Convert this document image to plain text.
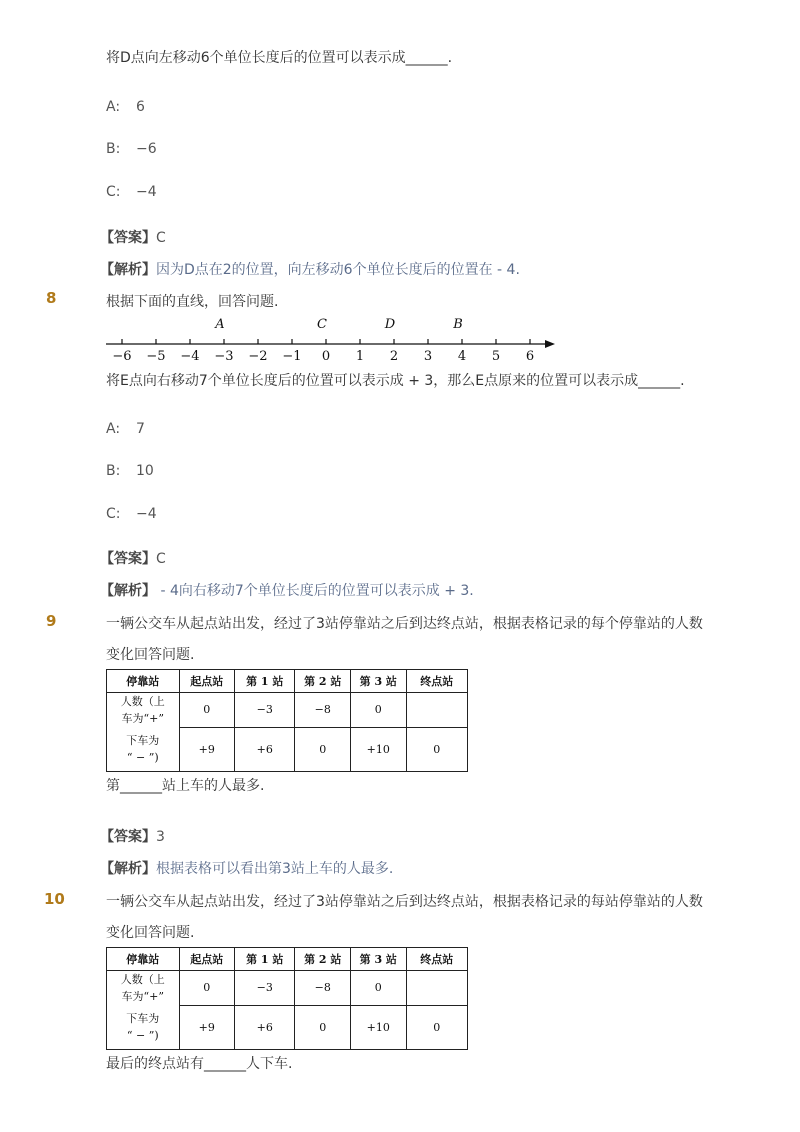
将D点向左移动6个单位长度后的位置可以表示成______.
A: 6
B: −6
C: −4
【答案】C
【解析】因为D点在2的位置，向左移动6个单位长度后的位置在 - 4.
8	根据下面的直线，回答问题.
−6 −5 −4 −3 −2 −1 0 1 2 3 4 5 6
A	C	D	B
将E点向右移动7个单位长度后的位置可以表示成 + 3，那么E点原来的位置可以表示成______.
A: 7
B: 10
C: −4
【答案】C
【解析】 - 4向右移动7个单位长度后的位置可以表示成 + 3.
9	一辆公交车从起点站出发，经过了3站停靠站之后到达终点站，根据表格记录的每个停靠站的人数
变化回答问题.
停靠站	起点站	第 1 站	第 2 站	第 3 站	终点站

人数（上
车为“+”	0	−3	−8	0	

下车为
“ − ”)	+9	+6	0	+10	0
第______站上车的人最多.
【答案】3
【解析】根据表格可以看出第3站上车的人最多.
10	一辆公交车从起点站出发，经过了3站停靠站之后到达终点站，根据表格记录的每站停靠站的人数
变化回答问题.
停靠站	起点站	第 1 站	第 2 站	第 3 站	终点站

人数（上
车为“+”	0	−3	−8	0	

下车为
“ − ”)	+9	+6	0	+10	0
最后的终点站有______人下车.
